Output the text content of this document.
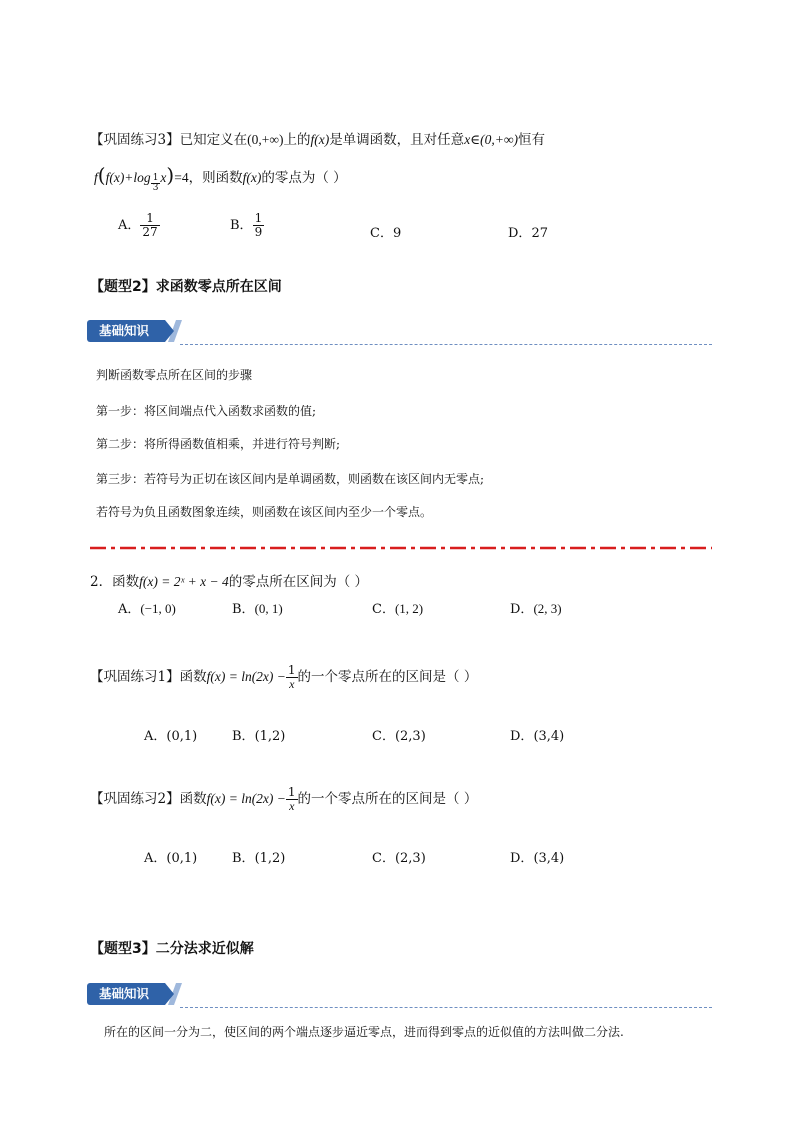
【巩固练习3】已知定义在(0,+∞)上的f(x)是单调函数，且对任意x∈(0,+∞)恒有
$f(f(x)+\log \frac{1}{3} x)=4$，则函数f(x)的零点为（ ）
A． $\frac{1}{27}$	B． $\frac{1}{9}$	C．9	D．27
【题型2】求函数零点所在区间
基础知识
判断函数零点所在区间的步骤
第一步：将区间端点代入函数求函数的值;
第二步：将所得函数值相乘，并进行符号判断;
第三步：若符号为正切在该区间内是单调函数，则函数在该区间内无零点;
若符号为负且函数图象连续，则函数在该区间内至少一个零点。
2．函数f(x) = 2ˣ + x − 4的零点所在区间为（ ）
A．(−1, 0)	B．(0, 1)	C．(1, 2)	D．(2, 3)
【巩固练习1】函数$f(x) = \ln(2x) - \frac{1}{x}$ 的一个零点所在的区间是（ ）
A．(0,1)	B．(1,2)	C．(2,3)	D．(3,4)
【巩固练习2】函数$f(x) = \ln(2x) - \frac{1}{x}$ 的一个零点所在的区间是（ ）
A．(0,1)	B．(1,2)	C．(2,3)	D．(3,4)
【题型3】二分法求近似解
基础知识
所在的区间一分为二，使区间的两个端点逐步逼近零点，进而得到零点的近似值的方法叫做二分法.
